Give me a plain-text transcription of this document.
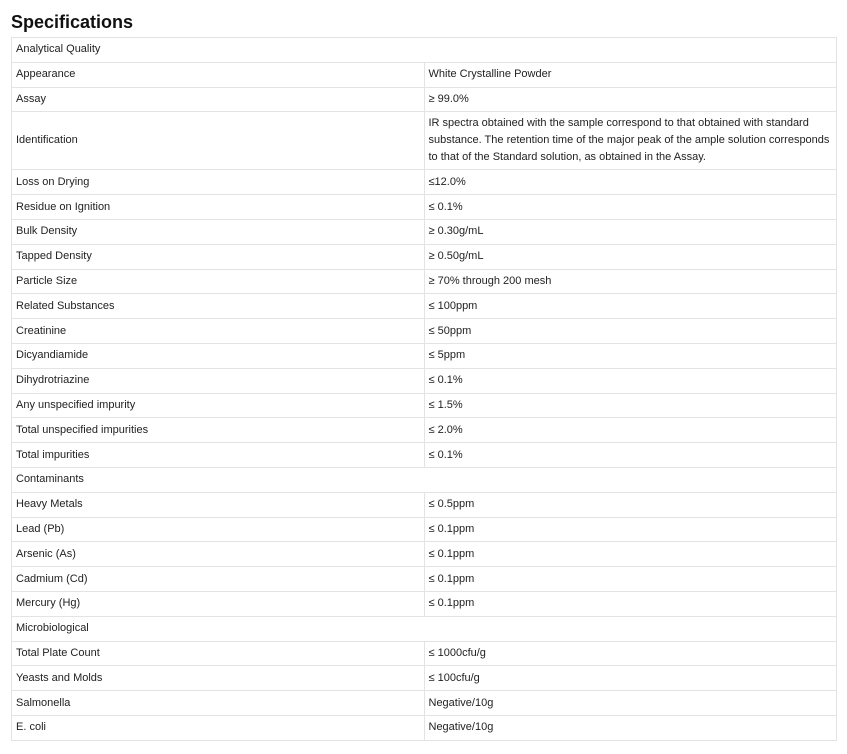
Specifications
Analytical Quality	
Appearance	White Crystalline Powder
Assay	≥ 99.0%
Identification	IR spectra obtained with the sample correspond to that obtained with standard substance. The retention time of the major peak of the ample solution corresponds to that of the Standard solution, as obtained in the Assay.
Loss on Drying	≤12.0%
Residue on Ignition	≤ 0.1%
Bulk Density	≥ 0.30g/mL
Tapped Density	≥ 0.50g/mL
Particle Size	≥ 70% through 200 mesh
Related Substances	≤ 100ppm
Creatinine	≤ 50ppm
Dicyandiamide	≤ 5ppm
Dihydrotriazine	≤ 0.1%
Any unspecified impurity	≤ 1.5%
Total unspecified impurities	≤ 2.0%
Total impurities	≤ 0.1%
Contaminants	
Heavy Metals	≤ 0.5ppm
Lead (Pb)	≤ 0.1ppm
Arsenic (As)	≤ 0.1ppm
Cadmium (Cd)	≤ 0.1ppm
Mercury (Hg)	≤ 0.1ppm
Microbiological	
Total Plate Count	≤ 1000cfu/g
Yeasts and Molds	≤ 100cfu/g
Salmonella	Negative/10g
E. coli	Negative/10g
